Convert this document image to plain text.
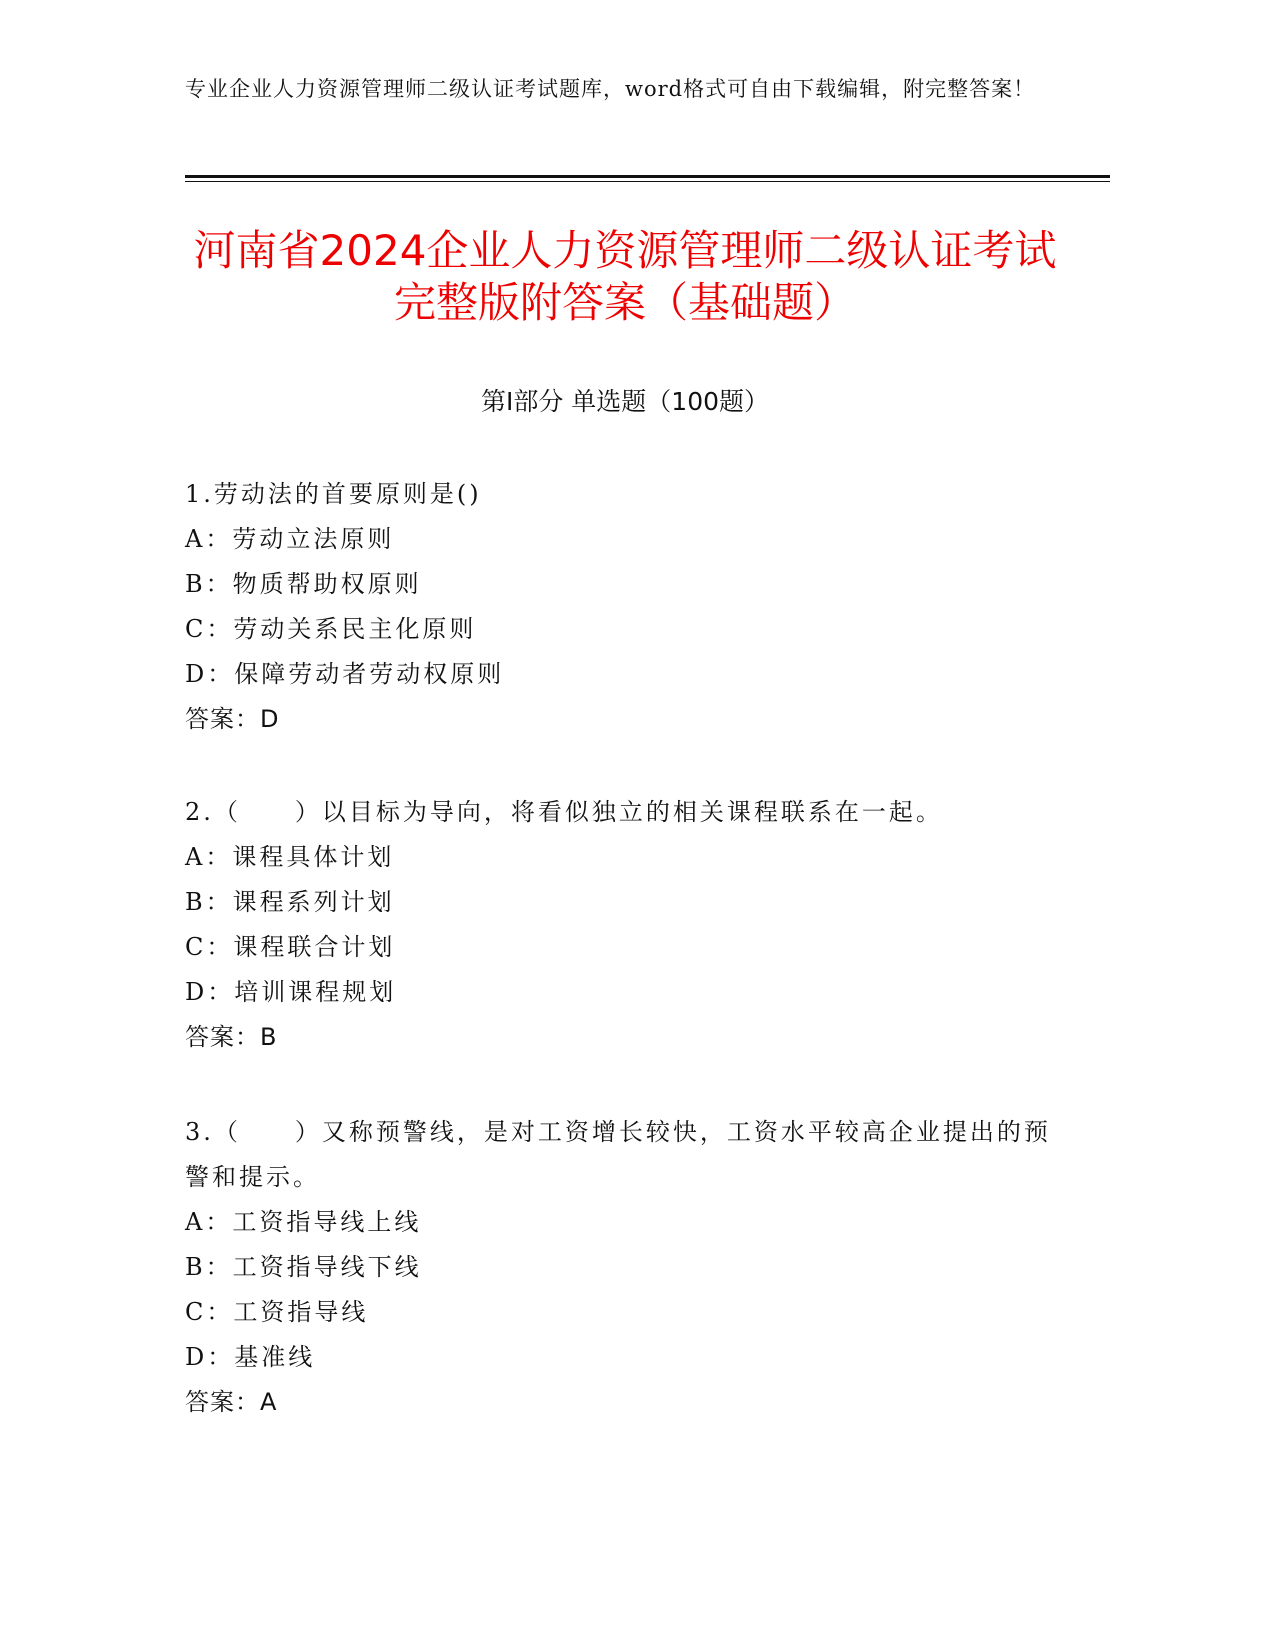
专业企业人力资源管理师二级认证考试题库，word格式可自由下载编辑，附完整答案！
河南省2024企业人力资源管理师二级认证考试完整版附答案（基础题）
第I部分 单选题（100题）
1.劳动法的首要原则是()
A：劳动立法原则
B：物质帮助权原则
C：劳动关系民主化原则
D：保障劳动者劳动权原则
答案：D
2.（　　）以目标为导向，将看似独立的相关课程联系在一起。
A：课程具体计划
B：课程系列计划
C：课程联合计划
D：培训课程规划
答案：B
3.（　　）又称预警线，是对工资增长较快，工资水平较高企业提出的预警和提示。
A：工资指导线上线
B：工资指导线下线
C：工资指导线
D：基准线
答案：A
